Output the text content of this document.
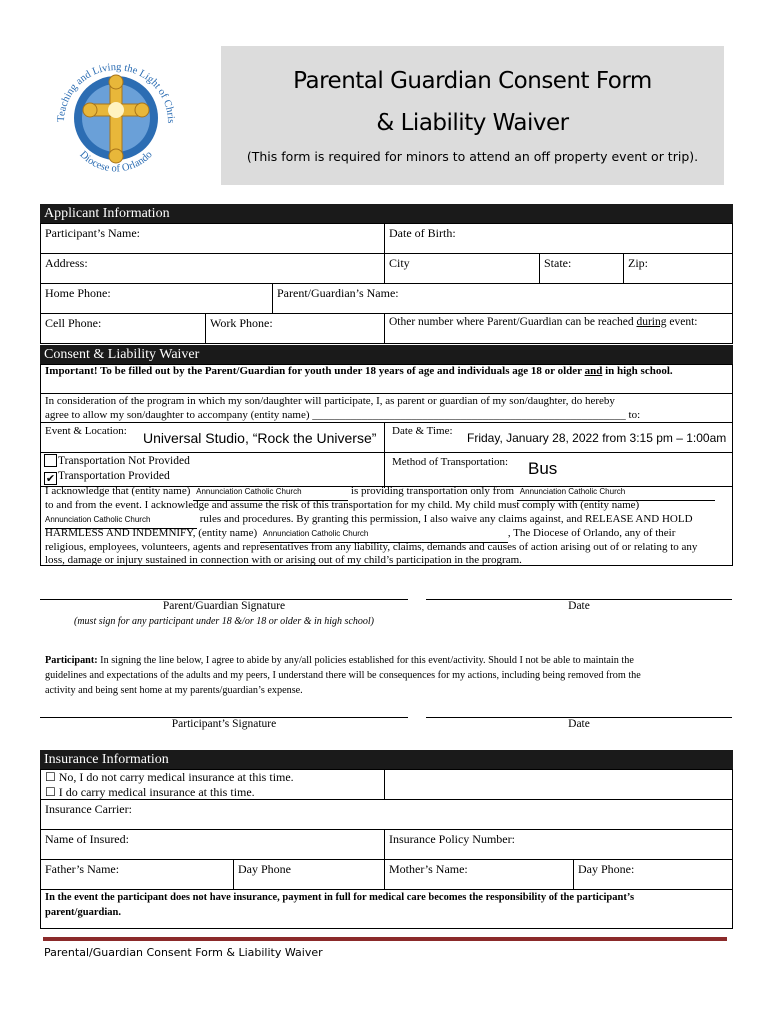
Teaching and Living the Light of Chris
Diocese of Orlando
Parental Guardian Consent Form
& Liability Waiver
(This form is required for minors to attend an off property event or trip).
Applicant Information
Participant’s Name:	Date of Birth:
Address:	City	State:	Zip:
Home Phone:	Parent/Guardian’s Name:
Cell Phone:	Work Phone:	Other number where Parent/Guardian can be reached during event:
Consent & Liability Waiver
Important! To be filled out by the Parent/Guardian for youth under 18 years of age and individuals age 18 or older and in high school.
In consideration of the program in which my son/daughter will participate, I, as parent or guardian of my son/daughter, do hereby
agree to allow my son/daughter to accompany (entity name) _________________________________________________________ to:
Event & Location: Universal Studio, “Rock the Universe” Date & Time: Friday, January 28, 2022 from 3:15 pm – 1:00am
Transportation Not Provided
✔ Transportation Provided
Method of Transportation: Bus
I acknowledge that (entity name) Annunciation Catholic Church	is providing transportation only from Annunciation Catholic Church
to and from the event. I acknowledge and assume the risk of this transportation for my child. My child must comply with (entity name)
Annunciation Catholic Church	rules and procedures. By granting this permission, I also waive any claims against, and RELEASE AND HOLD
HARMLESS AND INDEMNIFY, (entity name) Annunciation Catholic Church	, The Diocese of Orlando, any of their
religious, employees, volunteers, agents and representatives from any liability, claims, demands and causes of action arising out of or relating to any
loss, damage or injury sustained in connection with or arising out of my child’s participation in the program.
Parent/Guardian Signature	Date
(must sign for any participant under 18 &/or 18 or older & in high school)
Participant: In signing the line below, I agree to abide by any/all policies established for this event/activity. Should I not be able to maintain the
guidelines and expectations of the adults and my peers, I understand there will be consequences for my actions, including being removed from the
activity and being sent home at my parents/guardian’s expense.
Participant’s Signature	Date
Insurance Information
☐ No, I do not carry medical insurance at this time.
☐ I do carry medical insurance at this time.
Insurance Carrier:
Name of Insured:	Insurance Policy Number:
Father’s Name:	Day Phone	Mother’s Name:	Day Phone:
In the event the participant does not have insurance, payment in full for medical care becomes the responsibility of the participant’s
parent/guardian.
Parental/Guardian Consent Form & Liability Waiver
